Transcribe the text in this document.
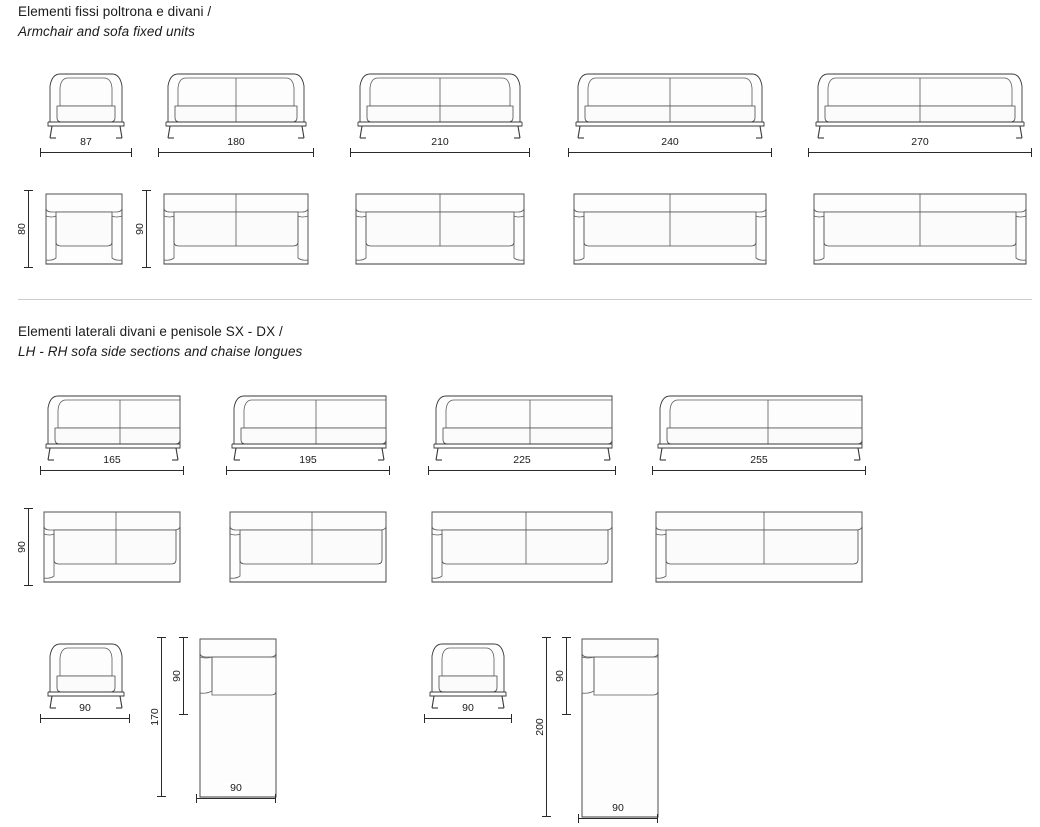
Elementi fissi poltrona e divani /
Armchair and sofa fixed units
87	180	210	240	270
80	90
Elementi laterali divani e penisole SX - DX /
LH - RH sofa side sections and chaise longues
165	195	225	255
90
90
170
90
90
90
200
90
90
